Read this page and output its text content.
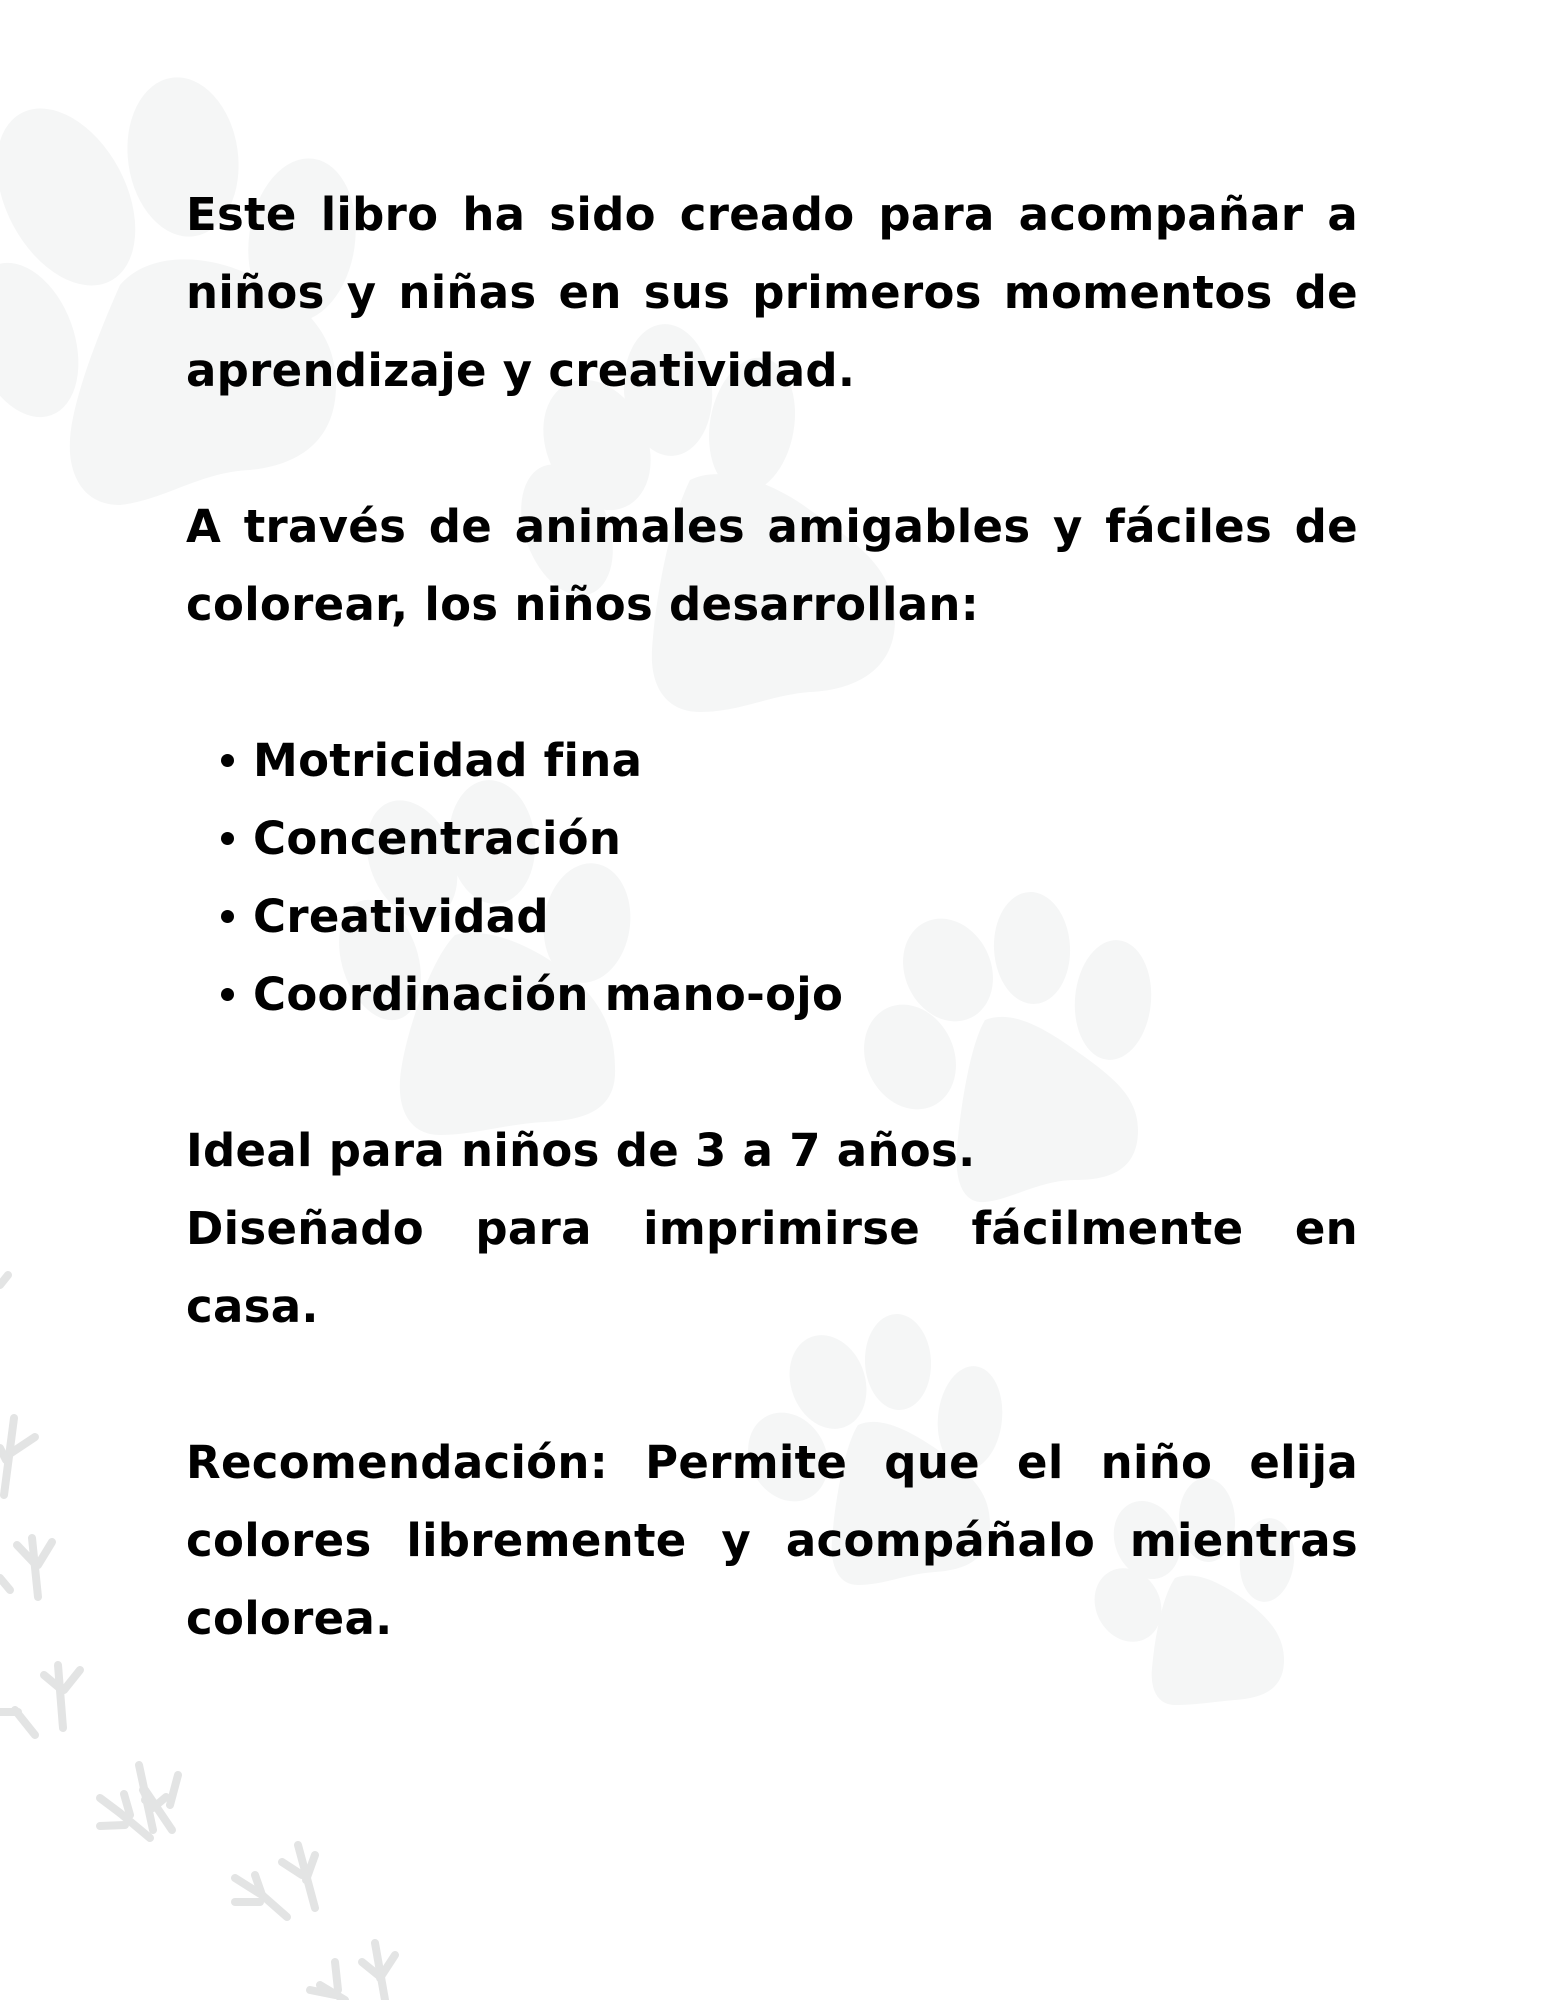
Este libro ha sido creado para acompañar a niños y niñas en sus primeros momentos de aprendizaje y creatividad.

A través de animales amigables y fáciles de colorear, los niños desarrollan:

Motricidad fina
Concentración
Creatividad
Coordinación mano-ojo

Ideal para niños de 3 a 7 años.

Diseñado para imprimirse fácilmente en casa.

Recomendación: Permite que el niño elija colores libremente y acompáñalo mientras colorea.
